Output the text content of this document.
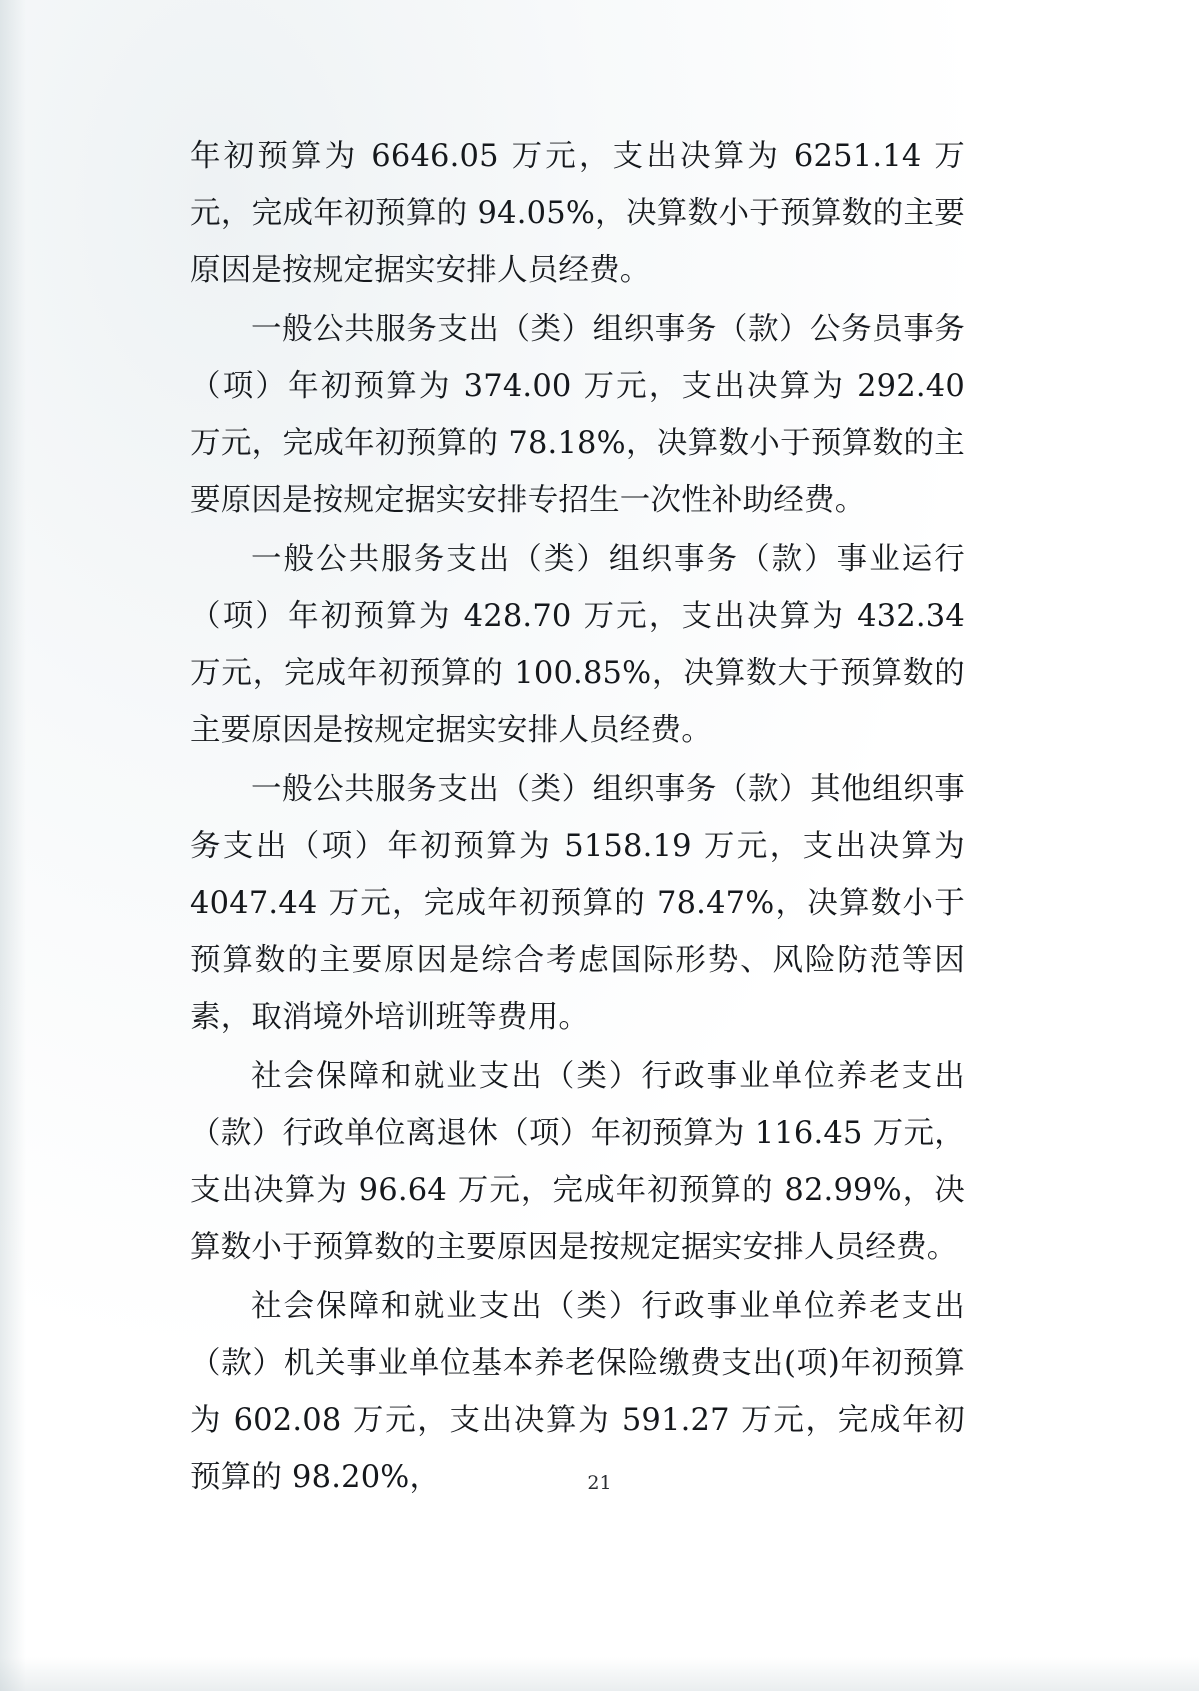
年初预算为 6646.05 万元，支出决算为 6251.14 万元，完成年初预算的 94.05%，决算数小于预算数的主要原因是按规定据实安排人员经费。

一般公共服务支出（类）组织事务（款）公务员事务（项）年初预算为 374.00 万元，支出决算为 292.40 万元，完成年初预算的 78.18%，决算数小于预算数的主要原因是按规定据实安排专招生一次性补助经费。

一般公共服务支出（类）组织事务（款）事业运行（项）年初预算为 428.70 万元，支出决算为 432.34 万元，完成年初预算的 100.85%，决算数大于预算数的主要原因是按规定据实安排人员经费。

一般公共服务支出（类）组织事务（款）其他组织事务支出（项）年初预算为 5158.19 万元，支出决算为 4047.44 万元，完成年初预算的 78.47%，决算数小于预算数的主要原因是综合考虑国际形势、风险防范等因素，取消境外培训班等费用。

社会保障和就业支出（类）行政事业单位养老支出（款）行政单位离退休（项）年初预算为 116.45 万元，支出决算为 96.64 万元，完成年初预算的 82.99%，决算数小于预算数的主要原因是按规定据实安排人员经费。

社会保障和就业支出（类）行政事业单位养老支出（款）机关事业单位基本养老保险缴费支出(项)年初预算为 602.08 万元，支出决算为 591.27 万元，完成年初预算的 98.20%，	21
